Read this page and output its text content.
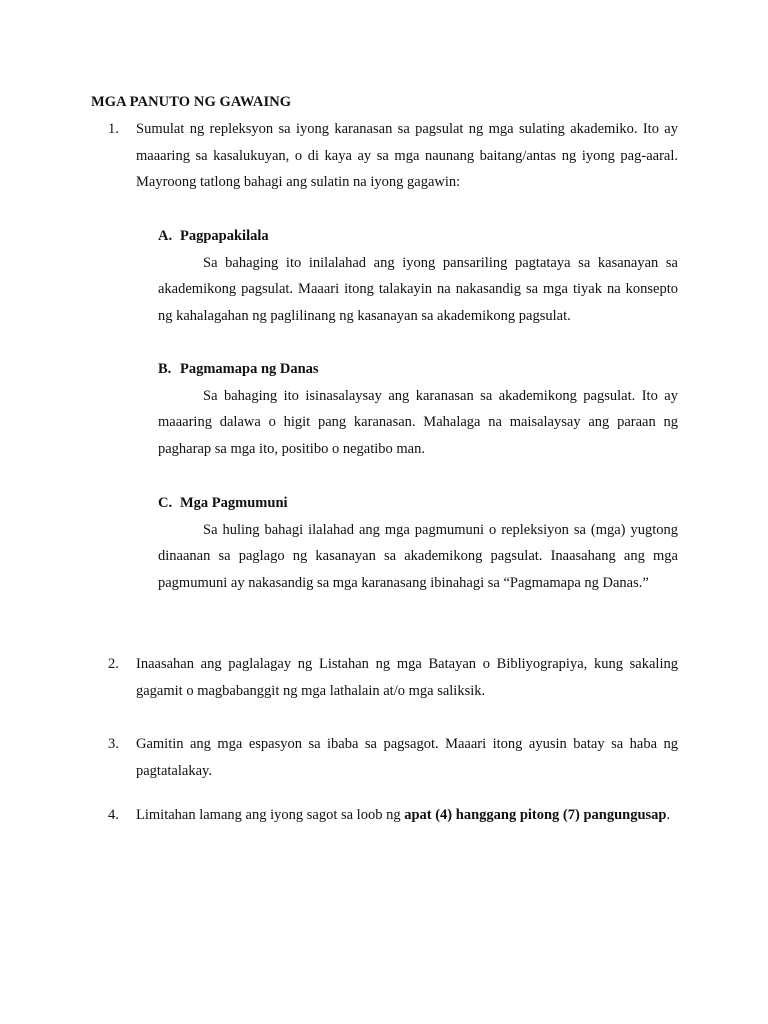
MGA PANUTO NG GAWAING
1.	Sumulat ng repleksyon sa iyong karanasan sa pagsulat ng mga sulating akademiko. Ito ay maaaring sa kasalukuyan, o di kaya ay sa mga naunang baitang/antas ng iyong pag-aaral. Mayroong tatlong bahagi ang sulatin na iyong gagawin:
A. Pagpapakilala
Sa bahaging ito inilalahad ang iyong pansariling pagtataya sa kasanayan sa akademikong pagsulat. Maaari itong talakayin na nakasandig sa mga tiyak na konsepto ng kahalagahan ng paglilinang ng kasanayan sa akademikong pagsulat.
B. Pagmamapa ng Danas
Sa bahaging ito isinasalaysay ang karanasan sa akademikong pagsulat. Ito ay maaaring dalawa o higit pang karanasan. Mahalaga na maisalaysay ang paraan ng pagharap sa mga ito, positibo o negatibo man.
C. Mga Pagmumuni
Sa huling bahagi ilalahad ang mga pagmumuni o repleksiyon sa (mga) yugtong dinaanan sa paglago ng kasanayan sa akademikong pagsulat. Inaasahang ang mga pagmumuni ay nakasandig sa mga karanasang ibinahagi sa “Pagmamapa ng Danas.”
2.	Inaasahan ang paglalagay ng Listahan ng mga Batayan o Bibliyograpiya, kung sakaling gagamit o magbabanggit ng mga lathalain at/o mga saliksik.
3.	Gamitin ang mga espasyon sa ibaba sa pagsagot. Maaari itong ayusin batay sa haba ng pagtatalakay.
4.	Limitahan lamang ang iyong sagot sa loob ng apat (4) hanggang pitong (7) pangungusap.
